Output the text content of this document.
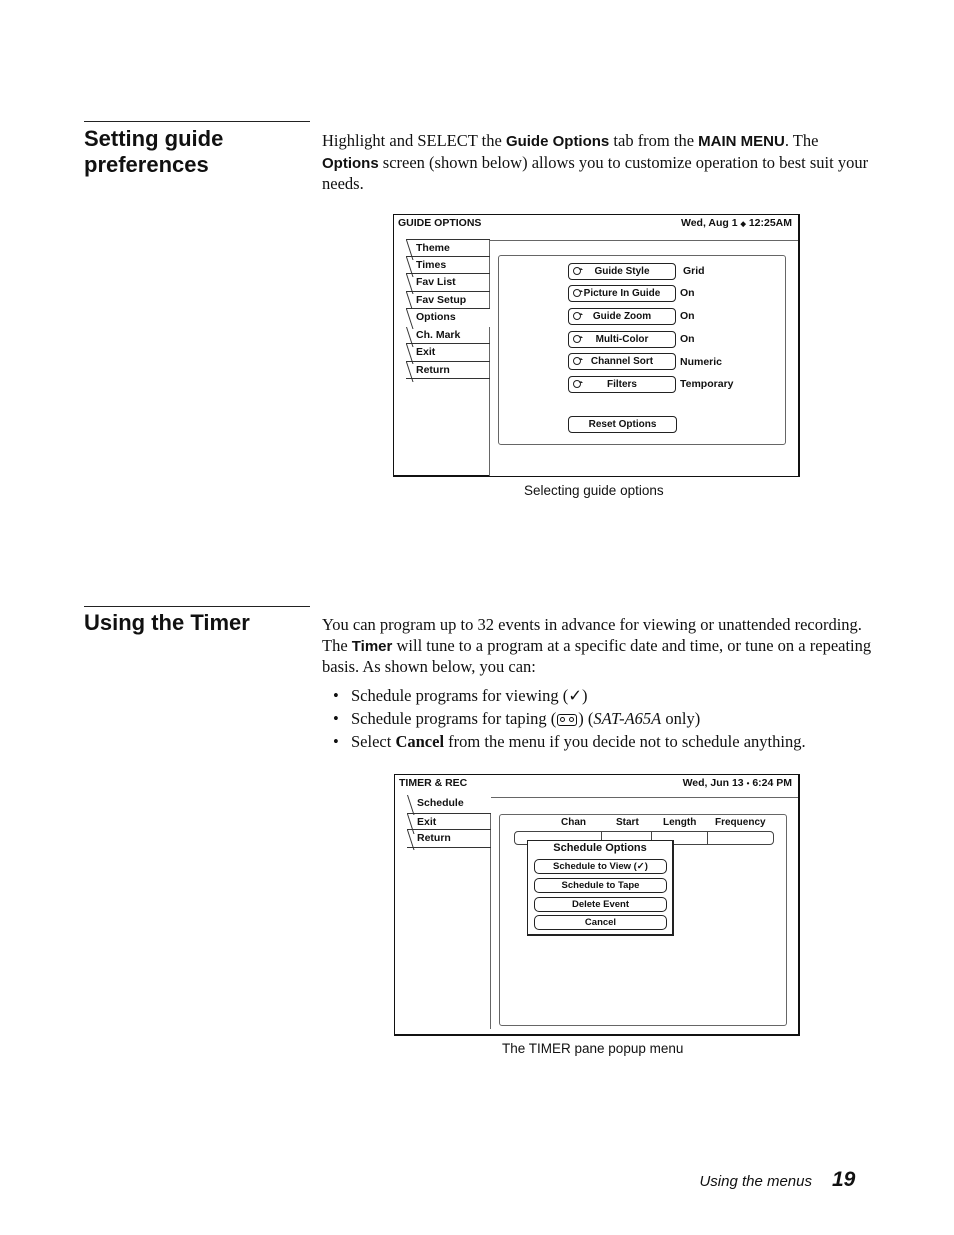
Setting guide
preferences

Highlight and SELECT the Guide Options tab from the MAIN MENU. The Options screen (shown below) allows you to customize operation to best suit your needs.

GUIDE OPTIONS	Wed, Aug 1 ◆ 12:25AM
Theme
Times
Fav List
Fav Setup
Options
Ch. Mark
Exit
Return
Guide Style	Grid
Picture In Guide	On
Guide Zoom	On
Multi-Color	On
Channel Sort	Numeric
Filters	Temporary
Reset Options
Selecting guide options
Using the Timer	You can program up to 32 events in advance for viewing or unattended recording. The Timer will tune to a program at a specific date and time, or tune on a repeating basis. As shown below, you can:

• Schedule programs for viewing (✓)
• Schedule programs for taping ( ) (SAT-A65A only)
• Select Cancel from the menu if you decide not to schedule anything.
TIMER & REC	Wed, Jun 13 • 6:24 PM
Schedule
Exit
Return
Chan	Start Length Frequency
Schedule Options
Schedule to View (✓)
Schedule to Tape
Delete Event
Cancel
The TIMER pane popup menu
Using the menus 19
